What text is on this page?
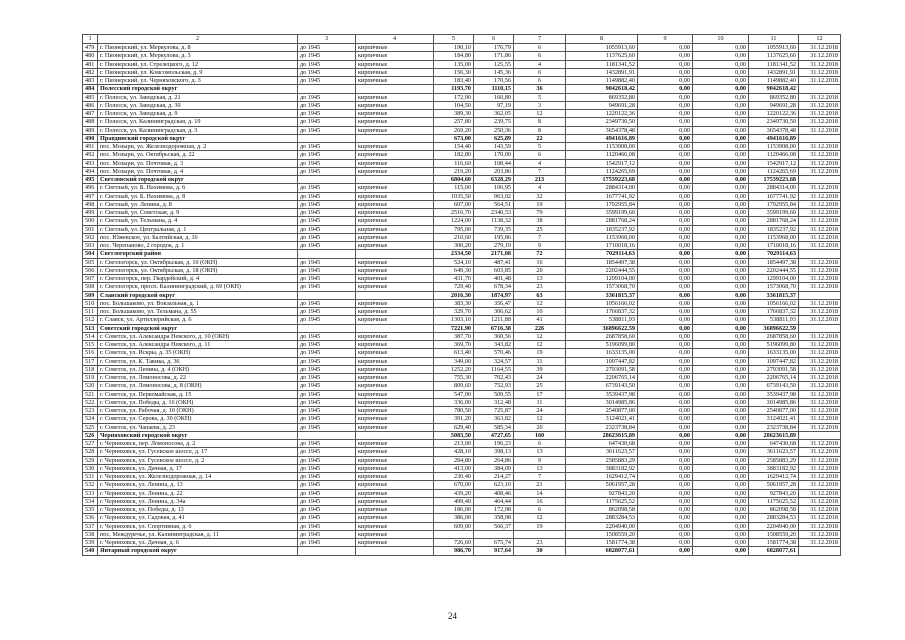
1	2	3	4	5	6	7	8	9	10	11	12
479	г. Пионерский, ул. Меркулова, д. 8	до 1945	кирпичные	190,10	176,79	6	1055913,60	0,00	0,00	1055913,60	31.12.2018
480	г. Пионерский, ул. Меркулова, д. 3	до 1945	кирпичные	184,80	171,86	6	1137625,60	0,00	0,00	1137625,60	31.12.2018
481	г. Пионерский, ул. Стрелецкого, д. 12	до 1945	кирпичные	135,00	125,55	4	1181341,52	0,00	0,00	1181341,52	31.12.2018
482	г. Пионерский, ул. Комсомольская, д. 9	до 1945	кирпичные	156,30	145,36	6	1432891,91	0,00	0,00	1432891,91	31.12.2018
483	г. Пионерский, ул. Черняховского, д. 3	до 1945	кирпичные	183,40	170,56	6	1149882,40	0,00	0,00	1149882,40	31.12.2018
484	Полесский городской округ			1193,70	1110,15	36	9042618,42	0,00	0,00	9042618,42	
485	г. Полесск, ул. Заводская, д. 21	до 1945	кирпичные	172,90	160,80	5	869352,80	0,00	0,00	869352,80	31.12.2018
486	г. Полесск, ул. Заводская, д. 30	до 1945	кирпичные	104,50	97,19	3	949691,28	0,00	0,00	949691,28	31.12.2018
487	г. Полесск, ул. Заводская, д. 9	до 1945	кирпичные	389,30	362,05	12	1220122,36	0,00	0,00	1220122,36	31.12.2018
488	г. Полесск, ул. Калининградская, д. 19	до 1945	кирпичные	257,80	239,75	8	2349730,50	0,00	0,00	2349730,50	31.12.2018
489	г. Полесск, ул. Калининградская, д. 3	до 1945	кирпичные	269,20	250,36	8	3654378,48	0,00	0,00	3654378,48	31.12.2018
490	Правдинский городской округ			673,00	625,89	22	4941616,89	0,00	0,00	4941616,89	
491	пос. Мозыри, ул. Железнодорожная, д. 2	до 1945	кирпичные	154,40	143,59	5	1153908,00	0,00	0,00	1153908,00	31.12.2018
492	пос. Мозыри, ул. Октябрьская, д. 22	до 1945	кирпичные	182,80	170,00	6	1120466,08	0,00	0,00	1120466,08	31.12.2018
493	пос. Мозыри, ул. Почтовая, д. 3	до 1945	кирпичные	116,60	108,44	4	1542917,12	0,00	0,00	1542917,12	31.12.2018
494	пос. Мозыри, ул. Почтовая, д. 4	до 1945	кирпичные	219,20	203,86	7	1124265,69	0,00	0,00	1124265,69	31.12.2018
495	Светловский городской округ			6804,60	6328,29	213	17539223,68	0,00	0,00	17539223,68	
496	г. Светлый, ул. Б. Нахимова, д. 6	до 1945	кирпичные	115,00	106,95	4	2884314,00	0,00	0,00	2884314,00	31.12.2018
497	г. Светлый, ул. Б. Нахимова, д. 8	до 1945	кирпичные	1035,50	963,02	32	1677741,92	0,00	0,00	1677741,92	31.12.2018
498	г. Светлый, ул. Ленина, д. 8	до 1945	кирпичные	607,00	564,51	19	1792955,84	0,00	0,00	1792955,84	31.12.2018
499	г. Светлый, ул. Советская, д. 9	до 1945	кирпичные	2516,70	2340,53	79	3599199,60	0,00	0,00	3599199,60	31.12.2018
500	г. Светлый, ул. Тельмана, д. 4	до 1945	кирпичные	1224,00	1138,32	38	2881768,24	0,00	0,00	2881768,24	31.12.2018
501	г. Светлый, ул. Центральная, д. 1	до 1945	кирпичные	795,00	739,35	25	1835237,92	0,00	0,00	1835237,92	31.12.2018
502	пос. Южевское, ул. Балтийская, д. 16	до 1945	кирпичные	210,60	195,86	7	1153968,00	0,00	0,00	1153968,00	31.12.2018
503	пос. Черепаново, 2 городок, д. 1	до 1945	кирпичные	300,20	279,19	9	1710018,16	0,00	0,00	1710018,16	31.12.2018
504	Светлогорский район			2334,50	2171,08	72	7029114,63	0,00	0,00	7029114,63	
505	г. Светлогорск, ул. Октябрьская, д. 10 (ОКН)	до 1945	кирпичные	524,10	487,41	16	1854497,38	0,00	0,00	1854497,38	31.12.2018
506	г. Светлогорск, ул. Октябрьская, д. 18 (ОКН)	до 1945	кирпичные	649,30	603,85	20	2202444,55	0,00	0,00	2202444,55	31.12.2018
507	г. Светлогорск, пер. Гвардейский, д. 4	до 1945	кирпичные	431,70	401,48	13	1299104,00	0,00	0,00	1299104,00	31.12.2018
508	г. Светлогорск, просп. Калининградский, д. 69 (ОКН)	до 1945	кирпичные	729,40	678,34	23	1573068,70	0,00	0,00	1573068,70	31.12.2018
509	Славский городской округ			2016,30	1874,97	63	3361815,37	0,00	0,00	3361815,37	
510	пос. Большаково, ул. Вокзальная, д. 1	до 1945	кирпичные	383,30	356,47	12	1056166,02	0,00	0,00	1056166,02	31.12.2018
511	пос. Большаково, ул. Тельмана, д. 55	до 1945	кирпичные	329,70	306,62	10	1766837,32	0,00	0,00	1766837,32	31.12.2018
512	г. Славск, ул. Артиллерийская, д. 6	до 1945	кирпичные	1303,10	1211,88	41	538811,93	0,00	0,00	538811,93	31.12.2018
513	Советский городской округ			7221,90	6716,38	226	36896622,59	0,00	0,00	36896622,59	
514	г. Советск, ул. Александра Невского, д. 10 (ОКН)	до 1945	кирпичные	387,70	360,56	12	2687858,60	0,00	0,00	2687858,60	31.12.2018
515	г. Советск, ул. Александра Невского, д. 11	до 1945	кирпичные	369,70	343,82	12	5196099,80	0,00	0,00	5196099,80	31.12.2018
516	г. Советск, ул. Искры, д. 35 (ОКН)	до 1945	кирпичные	613,40	570,46	19	1633135,00	0,00	0,00	1633135,00	31.12.2018
517	г. Советск, ул. К. Такика, д. 36	до 1945	кирпичные	349,00	324,57	11	1097447,82	0,00	0,00	1097447,82	31.12.2018
518	г. Советск, ул. Ленина, д. 4 (ОКН)	до 1945	кирпичные	1252,20	1164,55	39	2793091,58	0,00	0,00	2793091,58	31.12.2018
519	г. Советск, ул. Ломоносова, д. 22	до 1945	кирпичные	755,30	702,43	24	2206765,14	0,00	0,00	2206765,14	31.12.2018
520	г. Советск, ул. Ломоносова, д. 8 (ОКН)	до 1945	кирпичные	809,60	752,93	25	6739143,50	0,00	0,00	6739143,50	31.12.2018
521	г. Советск, ул. Первомайская, д. 15	до 1945	кирпичные	547,90	509,55	17	3539437,98	0,00	0,00	3539437,98	31.12.2018
522	г. Советск, ул. Победы, д. 16 (ОКН)	до 1945	кирпичные	336,00	312,48	11	3014985,86	0,00	0,00	3014985,86	31.12.2018
523	г. Советск, ул. Рабочая, д. 10 (ОКН)	до 1945	кирпичные	780,50	725,87	24	2540877,00	0,00	0,00	2540877,00	31.12.2018
524	г. Советск, ул. Серова, д. 30 (ОКН)	до 1945	кирпичные	391,20	363,82	12	3124021,41	0,00	0,00	3124021,41	31.12.2018
525	г. Советск, ул. Чапаева, д. 23	до 1945	кирпичные	629,40	585,34	20	2323738,84	0,00	0,00	2323738,84	31.12.2018
526	Черняховский городской округ			5083,50	4727,65	160	28623615,89	0,00	0,00	28623615,89	
527	г. Черняховск, пер. Ломоносова, д. 2	до 1945	кирпичные	213,00	196,23	6	647430,68	0,00	0,00	647430,68	31.12.2018
528	г. Черняховск, ул. Гусевское шоссе, д. 17	до 1945	кирпичные	428,10	398,13	13	3611623,57	0,00	0,00	3611623,57	31.12.2018
529	г. Черняховск, ул. Гусевское шоссе, д. 2	до 1945	кирпичные	284,80	264,86	9	2585883,29	0,00	0,00	2585883,29	31.12.2018
530	г. Черняховск, ул. Дачная, д. 17	до 1945	кирпичные	413,00	384,09	13	3883182,92	0,00	0,00	3883182,92	31.12.2018
531	г. Черняховск, ул. Железнодорожная, д. 14	до 1945	кирпичные	230,40	214,27	7	1629412,74	0,00	0,00	1629412,74	31.12.2018
532	г. Черняховск, ул. Ленина, д. 13	до 1945	кирпичные	670,00	623,10	21	5061957,28	0,00	0,00	5061957,28	31.12.2018
533	г. Черняховск, ул. Ленина, д. 22	до 1945	кирпичные	439,20	408,46	14	927843,20	0,00	0,00	927843,20	31.12.2018
534	г. Черняховск, ул. Ленина, д. 34а	до 1945	кирпичные	499,40	464,44	16	1175625,52	0,00	0,00	1175625,52	31.12.2018
535	г. Черняховск, ул. Победы, д. 13	до 1945	кирпичные	186,00	172,98	6	862098,58	0,00	0,00	862098,58	31.12.2018
536	г. Черняховск, ул. Садовая, д. 41	до 1945	кирпичные	386,00	358,98	12	2883284,53	0,00	0,00	2883284,53	31.12.2018
537	г. Черняховск, ул. Спортивная, д. 6	до 1945	кирпичные	609,00	566,37	19	2204940,00	0,00	0,00	2204940,00	31.12.2018
538	пос. Междуречье, ул. Калининградская, д. 11	до 1945	кирпичные				1508559,20	0,00	0,00	1508559,20	31.12.2018
539	г. Черняховск, ул. Дачная, д. 6	до 1945	кирпичные	726,60	675,74	23	1581774,38	0,00	0,00	1581774,38	31.12.2018
540	Янтарный городской округ			986,70	917,64	30	6828077,61	0,00	0,00	6828077,61	
24
